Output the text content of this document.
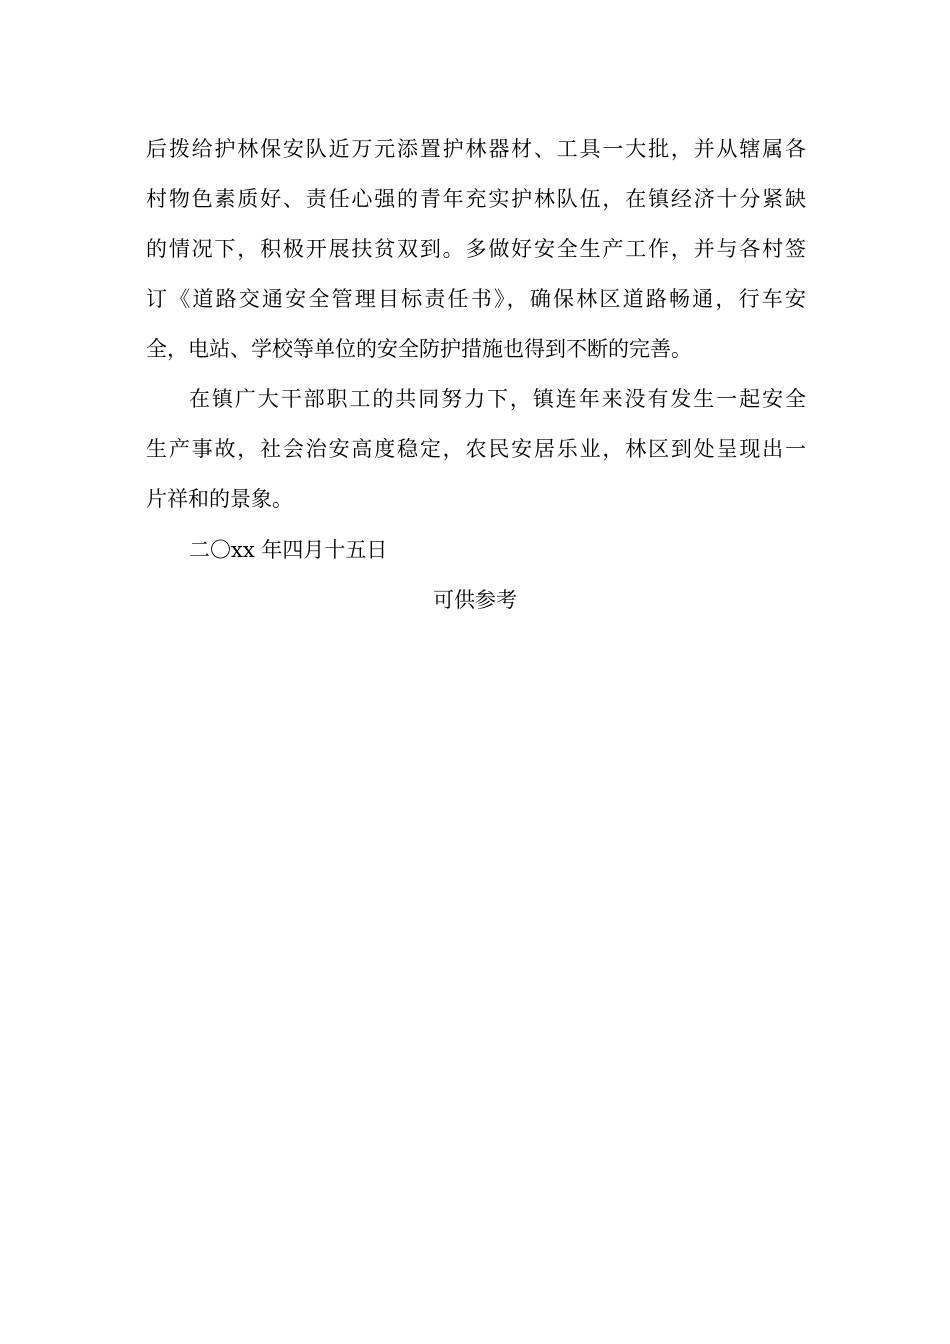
后拨给护林保安队近万元添置护林器材、工具一大批，并从辖属各
村物色素质好、责任心强的青年充实护林队伍，在镇经济十分紧缺
的情况下，积极开展扶贫双到。多做好安全生产工作，并与各村签
订《道路交通安全管理目标责任书》，确保林区道路畅通，行车安
全，电站、学校等单位的安全防护措施也得到不断的完善。
在镇广大干部职工的共同努力下，镇连年来没有发生一起安全
生产事故，社会治安高度稳定，农民安居乐业，林区到处呈现出一
片祥和的景象。
二〇xx 年四月十五日
可供参考
